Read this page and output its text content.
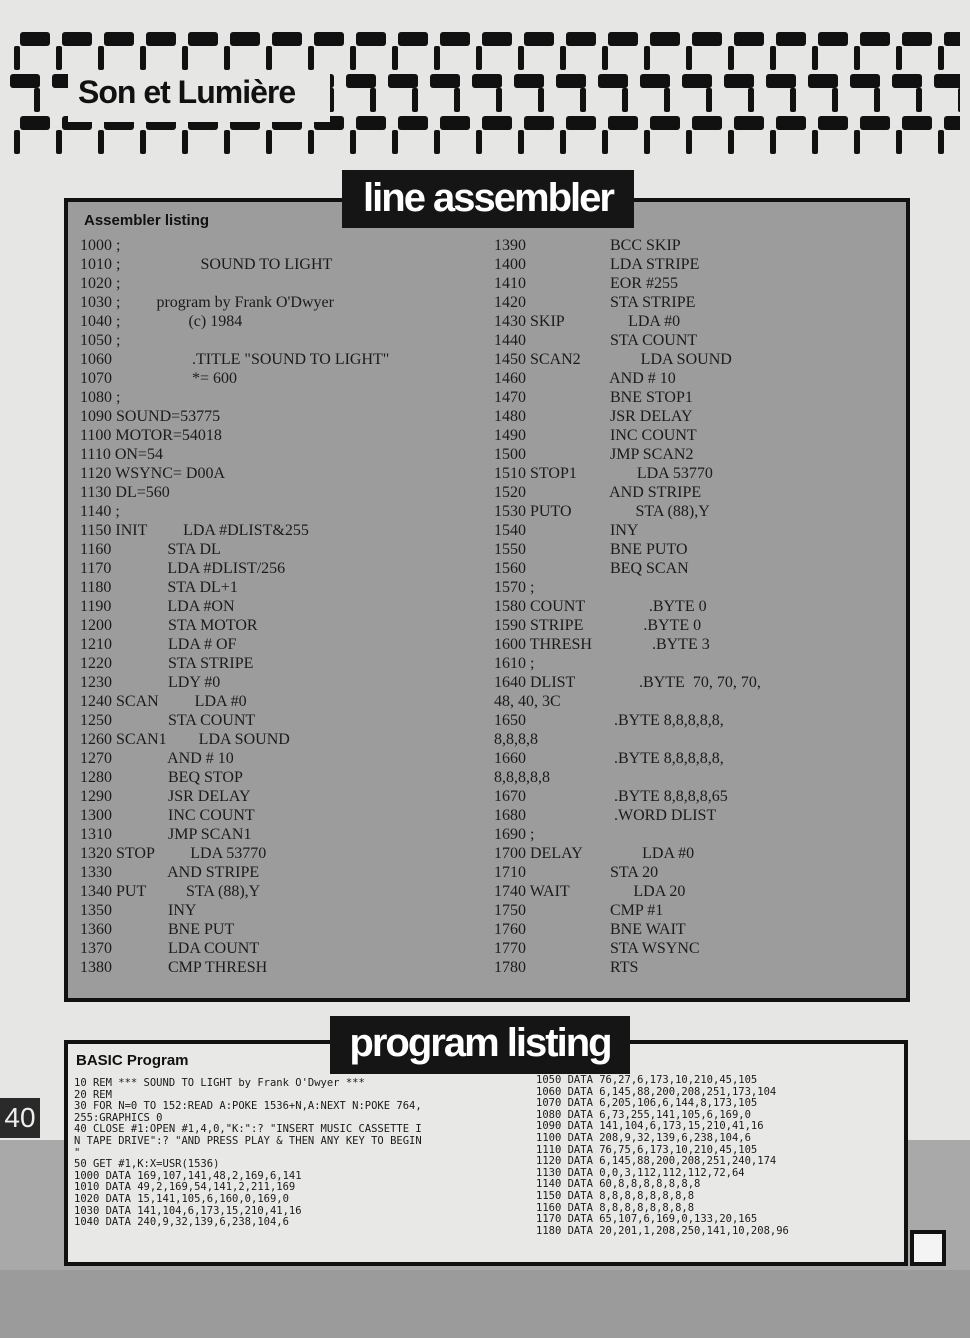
Son et Lumière
line assembler
Assembler listing
1000 ;
1010 ;                    SOUND TO LIGHT
1020 ;
1030 ;         program by Frank O'Dwyer
1040 ;                 (c) 1984
1050 ;
1060                    .TITLE "SOUND TO LIGHT"
1070                    *= 600
1080 ;
1090 SOUND=53775
1100 MOTOR=54018
1110 ON=54
1120 WSYNC= D00A
1130 DL=560
1140 ;
1150 INIT         LDA #DLIST&255
1160              STA DL
1170              LDA #DLIST/256
1180              STA DL+1
1190              LDA #ON
1200              STA MOTOR
1210              LDA # OF
1220              STA STRIPE
1230              LDY #0
1240 SCAN         LDA #0
1250              STA COUNT
1260 SCAN1        LDA SOUND
1270              AND # 10
1280              BEQ STOP
1290              JSR DELAY
1300              INC COUNT
1310              JMP SCAN1
1320 STOP         LDA 53770
1330              AND STRIPE
1340 PUT          STA (88),Y
1350              INY
1360              BNE PUT
1370              LDA COUNT
1380              CMP THRESH
1390                     BCC SKIP
1400                     LDA STRIPE
1410                     EOR #255
1420                     STA STRIPE
1430 SKIP                LDA #0
1440                     STA COUNT
1450 SCAN2               LDA SOUND
1460                     AND # 10
1470                     BNE STOP1
1480                     JSR DELAY
1490                     INC COUNT
1500                     JMP SCAN2
1510 STOP1               LDA 53770
1520                     AND STRIPE
1530 PUTO                STA (88),Y
1540                     INY
1550                     BNE PUTO
1560                     BEQ SCAN
1570 ;
1580 COUNT                .BYTE 0
1590 STRIPE               .BYTE 0
1600 THRESH               .BYTE 3
1610 ;
1640 DLIST                .BYTE  70, 70, 70,
48, 40, 3C
1650                      .BYTE 8,8,8,8,8,
8,8,8,8
1660                      .BYTE 8,8,8,8,8,
8,8,8,8,8
1670                      .BYTE 8,8,8,8,65
1680                      .WORD DLIST
1690 ;
1700 DELAY               LDA #0
1710                     STA 20
1740 WAIT                LDA 20
1750                     CMP #1
1760                     BNE WAIT
1770                     STA WSYNC
1780                     RTS
program listing
BASIC Program
10 REM *** SOUND TO LIGHT by Frank O'Dwyer ***
20 REM
30 FOR N=0 TO 152:READ A:POKE 1536+N,A:NEXT N:POKE 764,
255:GRAPHICS 0
40 CLOSE #1:OPEN #1,4,0,"K:":? "INSERT MUSIC CASSETTE I
N TAPE DRIVE":? "AND PRESS PLAY & THEN ANY KEY TO BEGIN
"
50 GET #1,K:X=USR(1536)
1000 DATA 169,107,141,48,2,169,6,141
1010 DATA 49,2,169,54,141,2,211,169
1020 DATA 15,141,105,6,160,0,169,0
1030 DATA 141,104,6,173,15,210,41,16
1040 DATA 240,9,32,139,6,238,104,6
1050 DATA 76,27,6,173,10,210,45,105
1060 DATA 6,145,88,200,208,251,173,104
1070 DATA 6,205,106,6,144,8,173,105
1080 DATA 6,73,255,141,105,6,169,0
1090 DATA 141,104,6,173,15,210,41,16
1100 DATA 208,9,32,139,6,238,104,6
1110 DATA 76,75,6,173,10,210,45,105
1120 DATA 6,145,88,200,208,251,240,174
1130 DATA 0,0,3,112,112,112,72,64
1140 DATA 60,8,8,8,8,8,8,8
1150 DATA 8,8,8,8,8,8,8,8
1160 DATA 8,8,8,8,8,8,8,8
1170 DATA 65,107,6,169,0,133,20,165
1180 DATA 20,201,1,208,250,141,10,208,96
40
